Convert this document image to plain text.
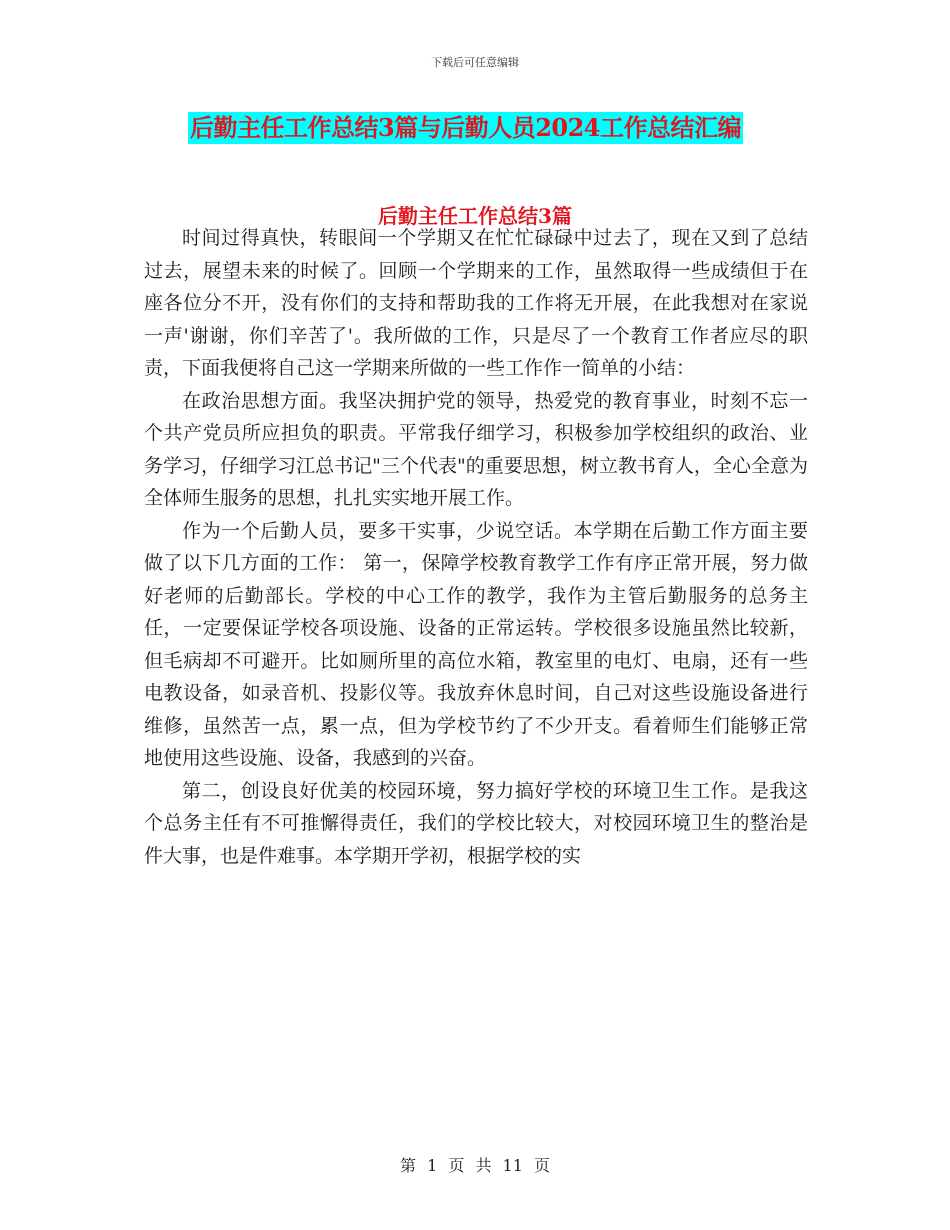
下载后可任意编辑
后勤主任工作总结3篇与后勤人员2024工作总结汇编
后勤主任工作总结3篇

时间过得真快，转眼间一个学期又在忙忙碌碌中过去了，现在又到了总结过去，展望未来的时候了。回顾一个学期来的工作，虽然取得一些成绩但于在座各位分不开，没有你们的支持和帮助我的工作将无开展，在此我想对在家说一声'谢谢，你们辛苦了'。我所做的工作，只是尽了一个教育工作者应尽的职责，下面我便将自己这一学期来所做的一些工作作一简单的小结：

在政治思想方面。我坚决拥护党的领导，热爱党的教育事业，时刻不忘一个共产党员所应担负的职责。平常我仔细学习，积极参加学校组织的政治、业务学习，仔细学习江总书记"三个代表"的重要思想，树立教书育人，全心全意为全体师生服务的思想，扎扎实实地开展工作。

作为一个后勤人员，要多干实事，少说空话。本学期在后勤工作方面主要做了以下几方面的工作： 第一，保障学校教育教学工作有序正常开展，努力做好老师的后勤部长。学校的中心工作的教学，我作为主管后勤服务的总务主任，一定要保证学校各项设施、设备的正常运转。学校很多设施虽然比较新，但毛病却不可避开。比如厕所里的高位水箱，教室里的电灯、电扇，还有一些电教设备，如录音机、投影仪等。我放弃休息时间，自己对这些设施设备进行维修，虽然苦一点，累一点，但为学校节约了不少开支。看着师生们能够正常地使用这些设施、设备，我感到的兴奋。

第二，创设良好优美的校园环境，努力搞好学校的环境卫生工作。是我这个总务主任有不可推懈得责任，我们的学校比较大，对校园环境卫生的整治是件大事，也是件难事。本学期开学初，根据学校的实

第 1 页 共 11 页
